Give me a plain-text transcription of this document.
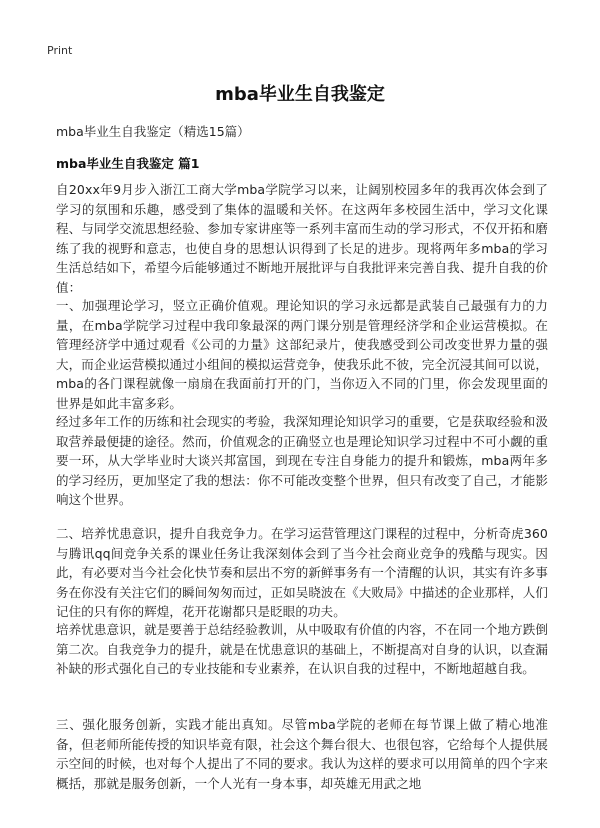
Print
mba毕业生自我鉴定
mba毕业生自我鉴定（精选15篇）
mba毕业生自我鉴定 篇1

自20xx年9月步入浙江工商大学mba学院学习以来，让阔别校园多年的我再次体会到了学习的氛围和乐趣，感受到了集体的温暖和关怀。在这两年多校园生活中，学习文化课程、与同学交流思想经验、参加专家讲座等一系列丰富而生动的学习形式，不仅开拓和磨练了我的视野和意志，也使自身的思想认识得到了长足的进步。现将两年多mba的学习生活总结如下，希望今后能够通过不断地开展批评与自我批评来完善自我、提升自我的价值：

一、加强理论学习，竖立正确价值观。理论知识的学习永远都是武装自己最强有力的力量，在mba学院学习过程中我印象最深的两门课分别是管理经济学和企业运营模拟。在管理经济学中通过观看《公司的力量》这部纪录片，使我感受到公司改变世界力量的强大，而企业运营模拟通过小组间的模拟运营竞争，使我乐此不彼，完全沉浸其间可以说，mba的各门课程就像一扇扇在我面前打开的门，当你迈入不同的门里，你会发现里面的世界是如此丰富多彩。

经过多年工作的历练和社会现实的考验，我深知理论知识学习的重要，它是获取经验和汲取营养最便捷的途径。然而，价值观念的正确竖立也是理论知识学习过程中不可小觑的重要一环，从大学毕业时大谈兴邦富国，到现在专注自身能力的提升和锻炼，mba两年多的学习经历，更加坚定了我的想法：你不可能改变整个世界，但只有改变了自己，才能影响这个世界。

二、培养忧患意识，提升自我竞争力。在学习运营管理这门课程的过程中，分析奇虎360与腾讯qq间竞争关系的课业任务让我深刻体会到了当今社会商业竞争的残酷与现实。因此，有必要对当今社会化快节奏和层出不穷的新鲜事务有一个清醒的认识，其实有许多事务在你没有关注它们的瞬间匆匆而过，正如吴晓波在《大败局》中描述的企业那样，人们记住的只有你的辉煌，花开花谢都只是眨眼的功夫。

培养忧患意识，就是要善于总结经验教训，从中吸取有价值的内容，不在同一个地方跌倒第二次。自我竞争力的提升，就是在忧患意识的基础上，不断提高对自身的认识，以查漏补缺的形式强化自己的专业技能和专业素养，在认识自我的过程中，不断地超越自我。

三、强化服务创新，实践才能出真知。尽管mba学院的老师在每节课上做了精心地准备，但老师所能传授的知识毕竟有限，社会这个舞台很大、也很包容，它给每个人提供展示空间的时候，也对每个人提出了不同的要求。我认为这样的要求可以用简单的四个字来概括，那就是服务创新，一个人光有一身本事，却英雄无用武之地
